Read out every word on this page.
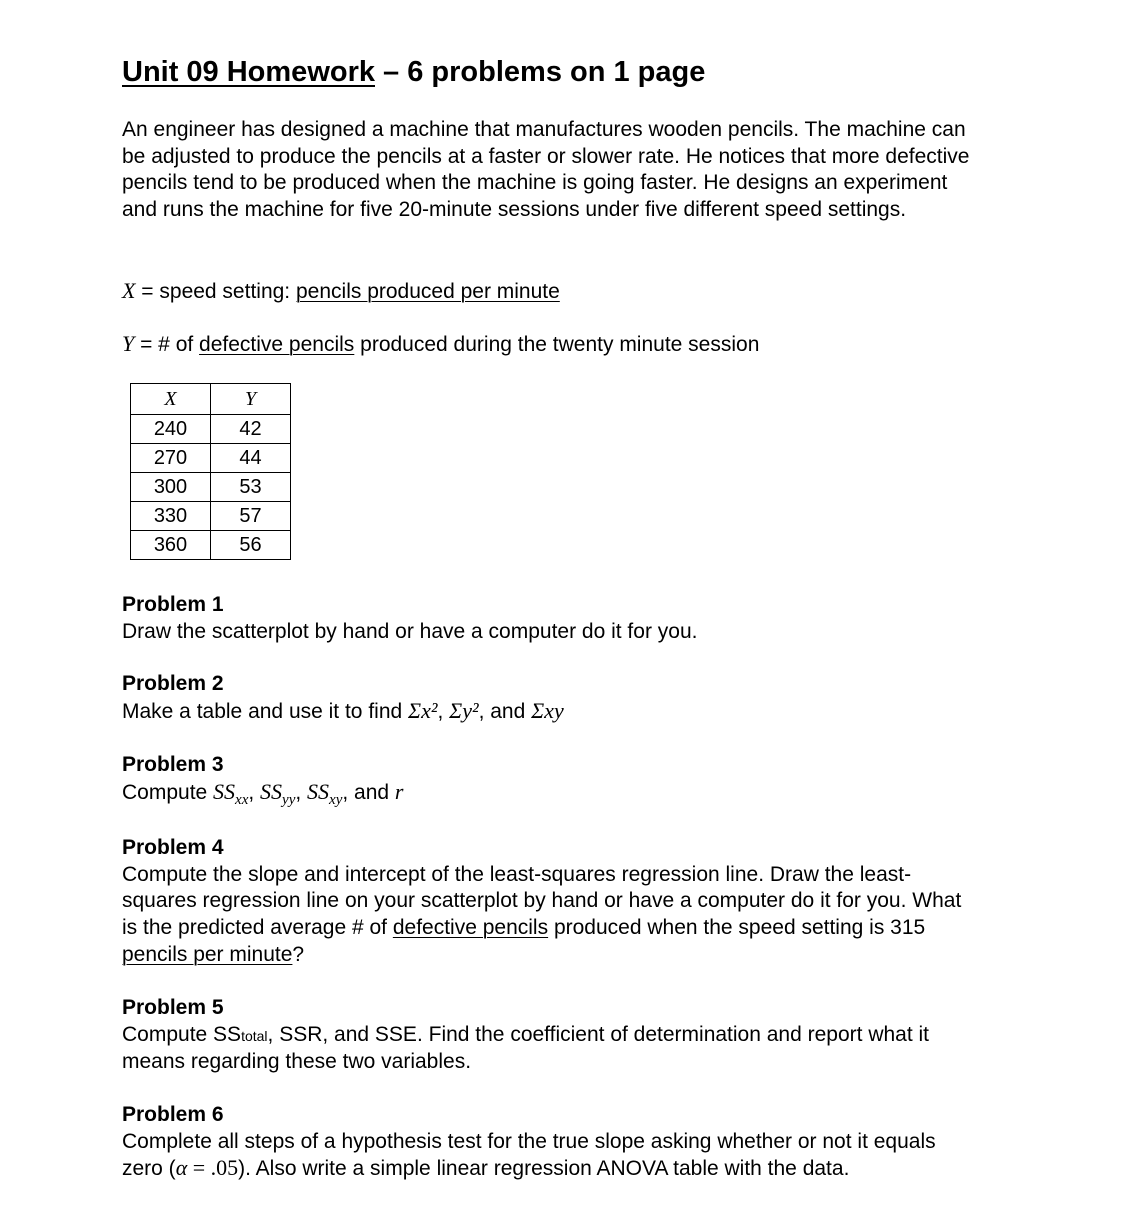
Unit 09 Homework – 6 problems on 1 page
An engineer has designed a machine that manufactures wooden pencils. The machine can be adjusted to produce the pencils at a faster or slower rate. He notices that more defective pencils tend to be produced when the machine is going faster. He designs an experiment and runs the machine for five 20-minute sessions under five different speed settings.
X = speed setting: pencils produced per minute
Y = # of defective pencils produced during the twenty minute session
X	Y
240	42
270	44
300	53
330	57
360	56
Problem 1
Draw the scatterplot by hand or have a computer do it for you.
Problem 2
Make a table and use it to find Σx², Σy², and Σxy
Problem 3
Compute $SS_{xx}$, $SS_{yy}$, $SS_{xy}$, and r
Problem 4
Compute the slope and intercept of the least-squares regression line. Draw the least-squares regression line on your scatterplot by hand or have a computer do it for you. What is the predicted average # of defective pencils produced when the speed setting is 315 pencils per minute?
Problem 5
Compute SStotal, SSR, and SSE. Find the coefficient of determination and report what it means regarding these two variables.
Problem 6
Complete all steps of a hypothesis test for the true slope asking whether or not it equals zero (α = .05). Also write a simple linear regression ANOVA table with the data.
